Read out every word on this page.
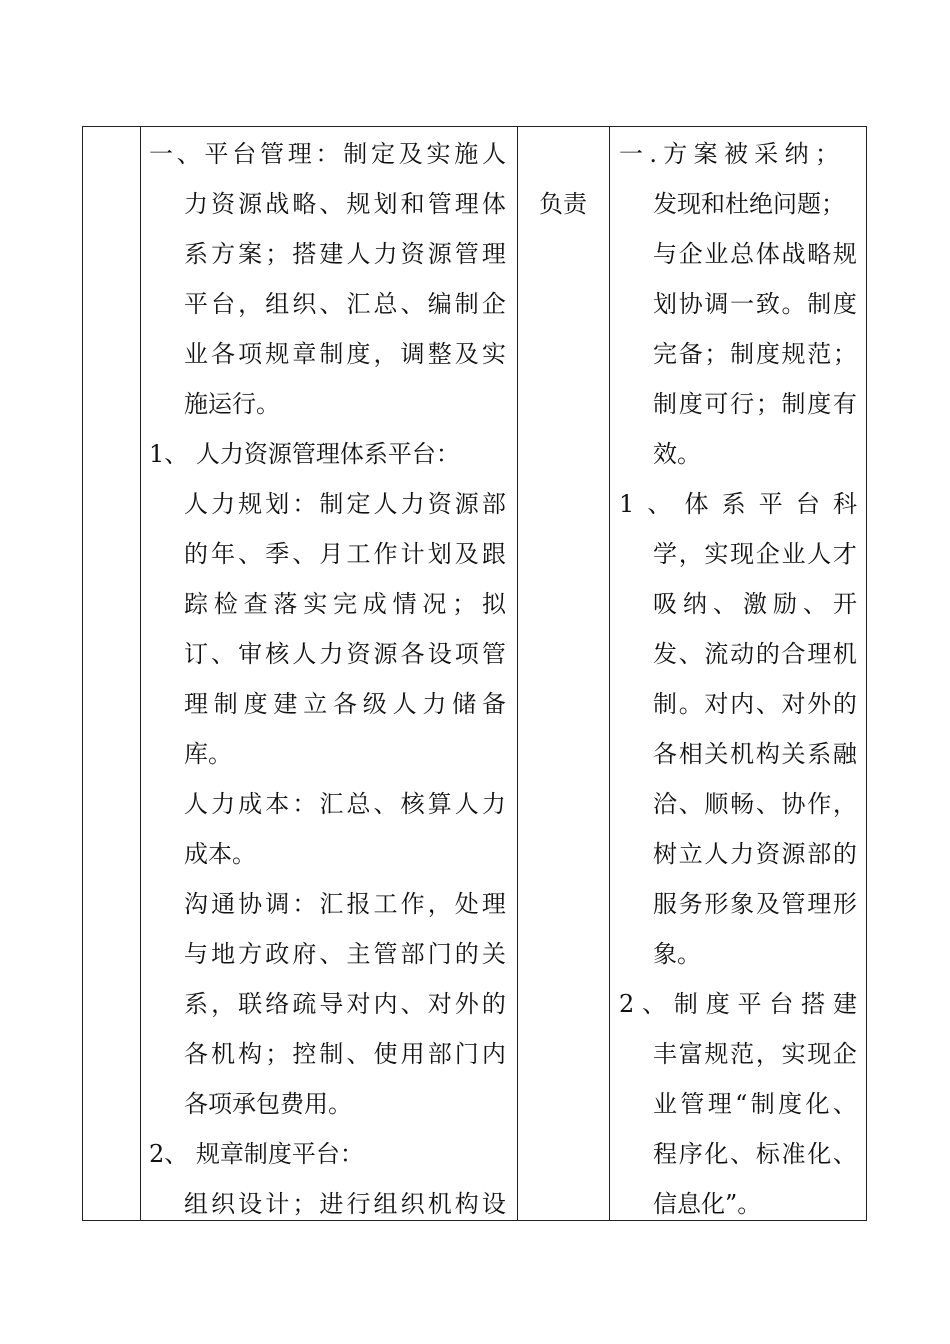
一 、 平 台 管 理 ： 制 定 及 实 施 人
力 资 源 战 略 、 规 划 和 管 理 体
系 方 案 ； 搭 建 人 力 资 源 管 理
平 台 ， 组 织 、 汇 总 、 编 制 企
业 各 项 规 章 制 度 ， 调 整 及 实
施运行。
1、 人力资源管理体系平台：
人 力 规 划 ： 制 定 人 力 资 源 部
的 年 、 季 、 月 工 作 计 划 及 跟
踪 检 查 落 实 完 成 情 况 ； 拟
订 、 审 核 人 力 资 源 各 设 项 管
理 制 度 建 立 各 级 人 力 储 备
库。
人 力 成 本 ： 汇 总 、 核 算 人 力
成本。
沟 通 协 调 ： 汇 报 工 作 ， 处 理
与 地 方 政 府 、 主 管 部 门 的 关
系 ， 联 络 疏 导 对 内 、 对 外 的
各 机 构 ； 控 制 、 使 用 部 门 内
各项承包费用。
2、 规章制度平台：
组 织 设 计 ； 进 行 组 织 机 构 设
负责
一 . 方 案 被 采 纳 ；
发现和杜绝问题；
与 企 业 总 体 战 略 规
划 协 调 一 致 。 制 度
完 备 ； 制 度 规 范 ；
制 度 可 行 ； 制 度 有
效。
1 、 体 系 平 台 科
学 ， 实 现 企 业 人 才
吸 纳 、 激 励 、 开
发 、 流 动 的 合 理 机
制 。 对 内 、 对 外 的
各 相 关 机 构 关 系 融
洽 、 顺 畅 、 协 作 ，
树 立 人 力 资 源 部 的
服 务 形 象 及 管 理 形
象。
2 、 制 度 平 台 搭 建
丰 富 规 范 ， 实 现 企
业 管 理 “ 制 度 化 、
程 序 化 、 标 准 化 、
信息化”。
